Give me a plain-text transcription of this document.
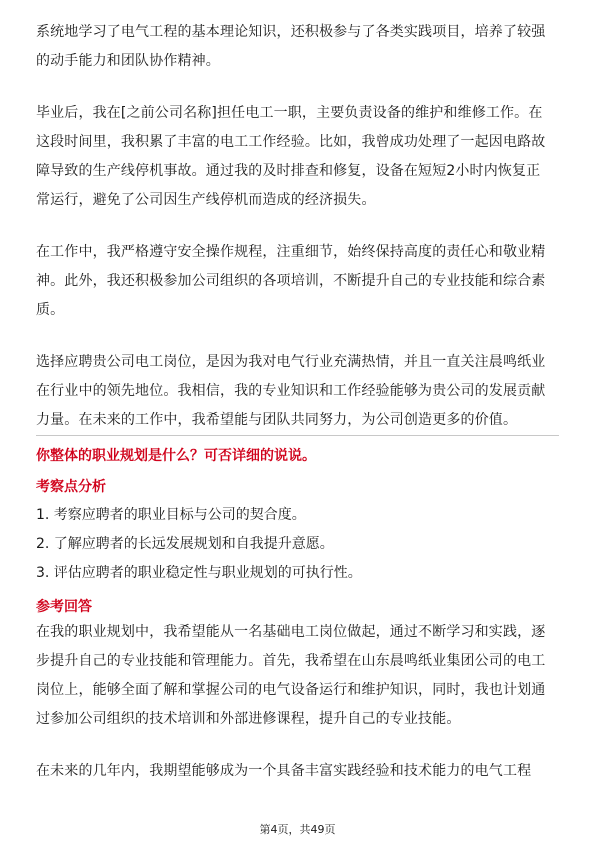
系统地学习了电气工程的基本理论知识，还积极参与了各类实践项目，培养了较强
的动手能力和团队协作精神。

毕业后，我在[之前公司名称]担任电工一职，主要负责设备的维护和维修工作。在
这段时间里，我积累了丰富的电工工作经验。比如，我曾成功处理了一起因电路故
障导致的生产线停机事故。通过我的及时排查和修复，设备在短短2小时内恢复正
常运行，避免了公司因生产线停机而造成的经济损失。

在工作中，我严格遵守安全操作规程，注重细节，始终保持高度的责任心和敬业精
神。此外，我还积极参加公司组织的各项培训，不断提升自己的专业技能和综合素
质。

选择应聘贵公司电工岗位，是因为我对电气行业充满热情，并且一直关注晨鸣纸业
在行业中的领先地位。我相信，我的专业知识和工作经验能够为贵公司的发展贡献
力量。在未来的工作中，我希望能与团队共同努力，为公司创造更多的价值。

你整体的职业规划是什么？可否详细的说说。
考察点分析

1. 考察应聘者的职业目标与公司的契合度。

2. 了解应聘者的长远发展规划和自我提升意愿。

3. 评估应聘者的职业稳定性与职业规划的可执行性。

参考回答

在我的职业规划中，我希望能从一名基础电工岗位做起，通过不断学习和实践，逐
步提升自己的专业技能和管理能力。首先，我希望在山东晨鸣纸业集团公司的电工
岗位上，能够全面了解和掌握公司的电气设备运行和维护知识，同时，我也计划通
过参加公司组织的技术培训和外部进修课程，提升自己的专业技能。

在未来的几年内，我期望能够成为一个具备丰富实践经验和技术能力的电气工程

第4页，共49页
